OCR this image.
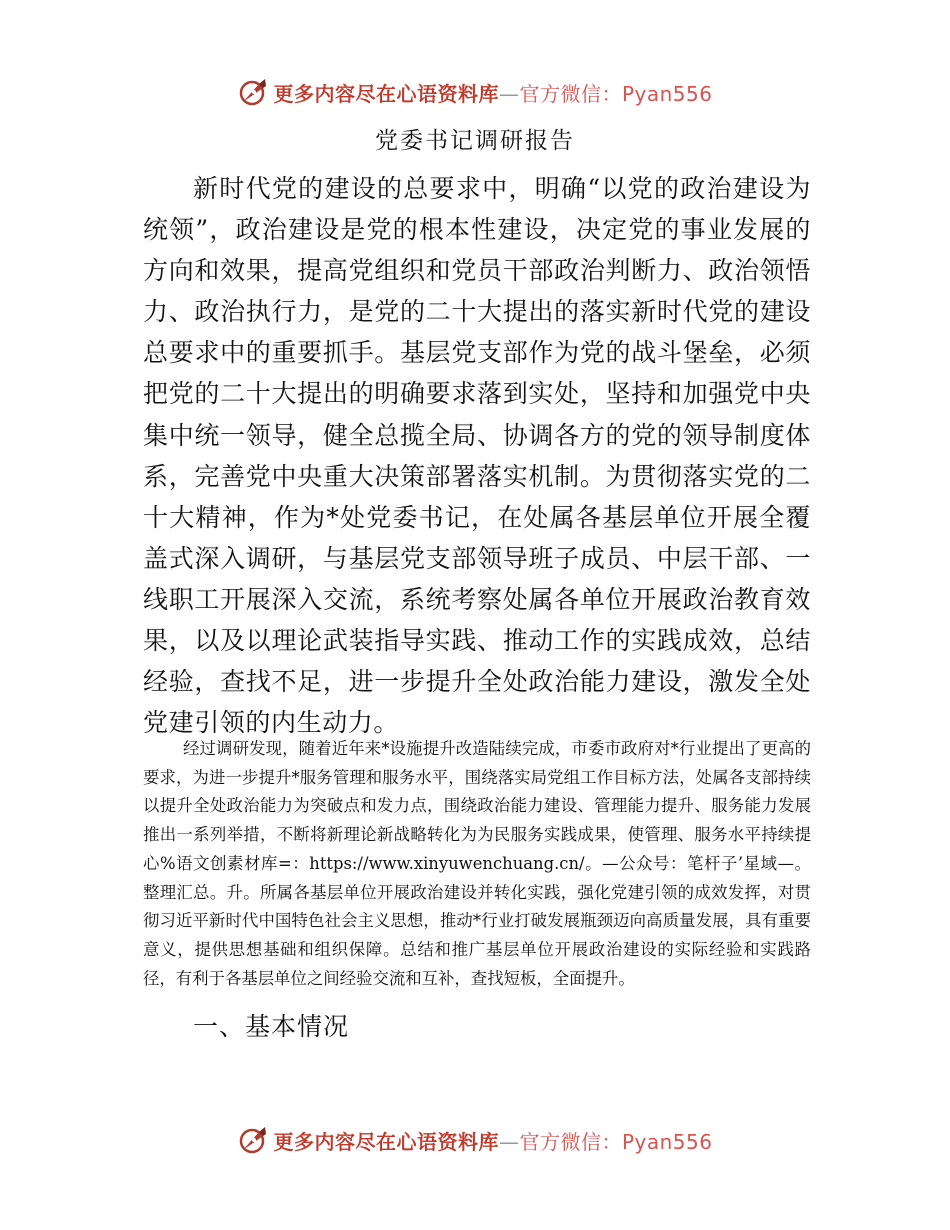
更多内容尽在心语资料库—官方微信：Pyan556
党委书记调研报告

新时代党的建设的总要求中，明确“以党的政治建设为统领”，政治建设是党的根本性建设，决定党的事业发展的方向和效果，提高党组织和党员干部政治判断力、政治领悟力、政治执行力，是党的二十大提出的落实新时代党的建设总要求中的重要抓手。基层党支部作为党的战斗堡垒，必须把党的二十大提出的明确要求落到实处，坚持和加强党中央集中统一领导，健全总揽全局、协调各方的党的领导制度体系，完善党中央重大决策部署落实机制。为贯彻落实党的二十大精神，作为*处党委书记，在处属各基层单位开展全覆盖式深入调研，与基层党支部领导班子成员、中层干部、一线职工开展深入交流，系统考察处属各单位开展政治教育效果，以及以理论武装指导实践、推动工作的实践成效，总结经验，查找不足，进一步提升全处政治能力建设，激发全处党建引领的内生动力。

经过调研发现，随着近年来*设施提升改造陆续完成，市委市政府对*行业提出了更高的要求，为进一步提升*服务管理和服务水平，围绕落实局党组工作目标方法，处属各支部持续以提升全处政治能力为突破点和发力点，围绕政治能力建设、管理能力提升、服务能力发展推出一系列举措，不断将新理论新战略转化为为民服务实践成果，使管理、服务水平持续提心%语文创素材库=：https://www.xinyuwenchuang.cn/。—公众号：笔杆子’星域—。整理汇总。升。所属各基层单位开展政治建设并转化实践，强化党建引领的成效发挥，对贯彻习近平新时代中国特色社会主义思想，推动*行业打破发展瓶颈迈向高质量发展，具有重要意义，提供思想基础和组织保障。总结和推广基层单位开展政治建设的实际经验和实践路径，有利于各基层单位之间经验交流和互补，查找短板，全面提升。

一、基本情况
更多内容尽在心语资料库—官方微信：Pyan556
